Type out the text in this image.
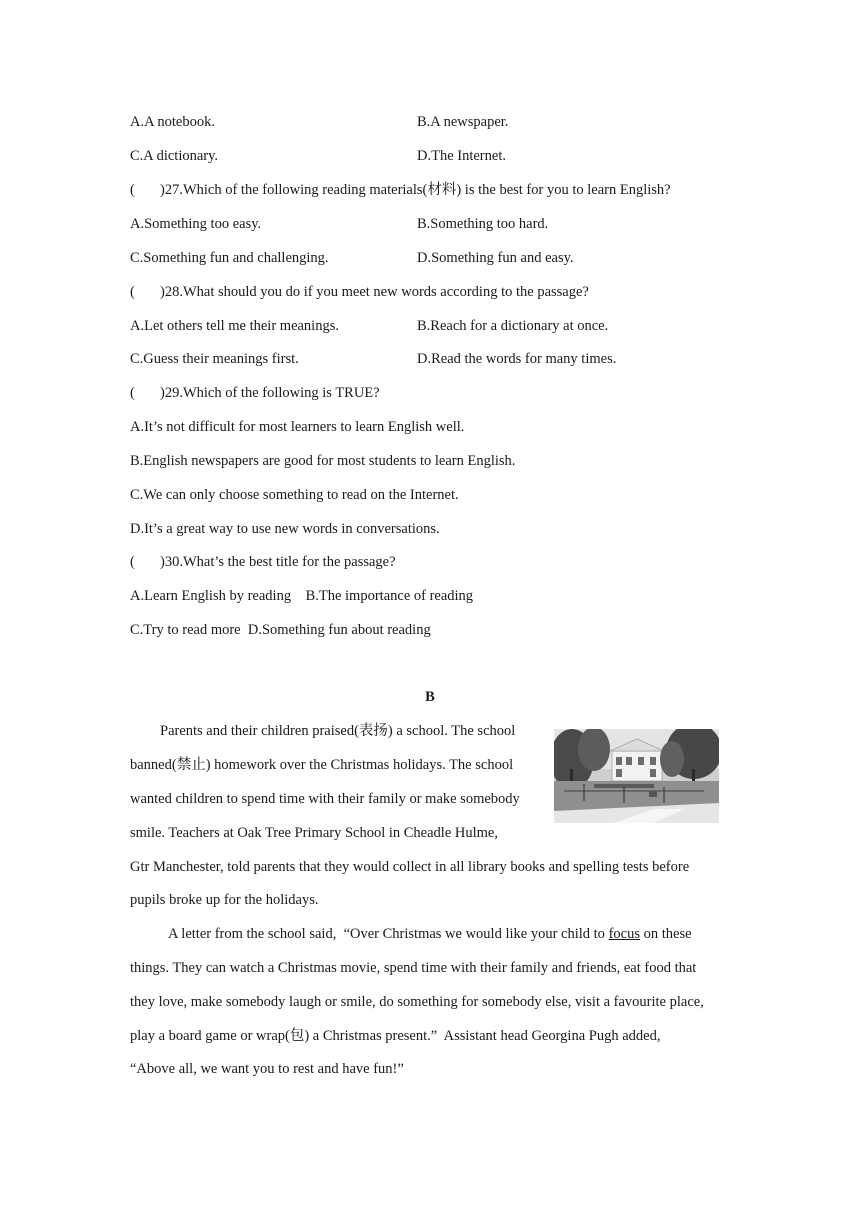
A.A notebook.	B.A newspaper.
C.A dictionary.	D.The Internet.
( )27.Which of the following reading materials(材料) is the best for you to learn English?
A.Something too easy.	B.Something too hard.
C.Something fun and challenging.	D.Something fun and easy.
( )28.What should you do if you meet new words according to the passage?
A.Let others tell me their meanings.	B.Reach for a dictionary at once.
C.Guess their meanings first.	D.Read the words for many times.
( )29.Which of the following is TRUE?
A.It’s not difficult for most learners to learn English well.
B.English newspapers are good for most students to learn English.
C.We can only choose something to read on the Internet.
D.It’s a great way to use new words in conversations.
( )30.What’s the best title for the passage?
A.Learn English by reading    B.The importance of reading
C.Try to read more  D.Something fun about reading
B
Parents and their children praised(表扬) a school. The school
banned(禁止) homework over the Christmas holidays. The school
wanted children to spend time with their family or make somebody
smile. Teachers at Oak Tree Primary School in Cheadle Hulme,
Gtr Manchester, told parents that they would collect in all library books and spelling tests before
pupils broke up for the holidays.
A letter from the school said,  “Over Christmas we would like your child to focus on these
things. They can watch a Christmas movie, spend time with their family and friends, eat food that
they love, make somebody laugh or smile, do something for somebody else, visit a favourite place,
play a board game or wrap(包) a Christmas present.”  Assistant head Georgina Pugh added,
“Above all, we want you to rest and have fun!”
